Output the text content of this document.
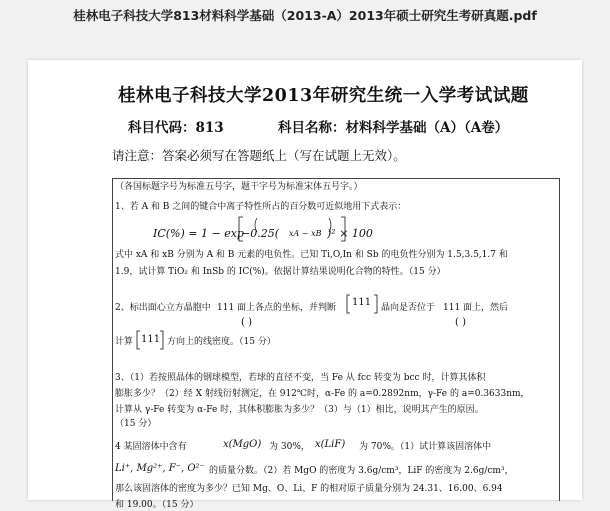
桂林电子科技大学813材料科学基础（2013-A）2013年硕士研究生考研真题.pdf
桂林电子科技大学2013年研究生统一入学考试试题
科目代码：813	科目名称：材料科学基础（A）（A卷）
请注意：答案必须写在答题纸上（写在试题上无效）。
（各国标题字号为标准五号字，题干字号为标准宋体五号字。）
1、若 A 和 B 之间的键合中离子特性所占的百分数可近似地用下式表示：
IC(%) = 1 − exp
−0.25( xA − xB )² × 100
式中 xA 和 xB 分别为 A 和 B 元素的电负性。已知 Ti,O,In 和 Sb 的电负性分别为 1.5,3.5,1.7 和
1.9，试计算 TiO₂ 和 InSb 的 IC(%)。依据计算结果说明化合物的特性。（15 分）
2、标出面心立方晶胞中 111 面上各点的坐标，并判断 111 晶向是否位于 111 面上，然后
( )	( )
计算 111 方向上的线密度。（15 分）
3、（1）若按照晶体的钢球模型，若球的直径不变，当 Fe 从 fcc 转变为 bcc 时，计算其体积
膨胀多少？（2）经 X 射线衍射测定，在 912℃时，α-Fe 的 a=0.2892nm，γ-Fe 的 a=0.3633nm，
计算从 γ-Fe 转变为 α-Fe 时，其体积膨胀为多少？（3）与（1）相比，说明其产生的原因。
（15 分）
4 某固溶体中含有	x(MgO) 为 30%， x(LiF) 为 70%。（1）试计算该固溶体中
Li⁺, Mg²⁺, F⁻, O²⁻ 的质量分数。（2）若 MgO 的密度为 3.6g/cm³，LiF 的密度为 2.6g/cm³，
那么该固溶体的密度为多少？已知 Mg、O、Li、F 的相对原子质量分别为 24.31、16.00、6.94
和 19.00。（15 分）
